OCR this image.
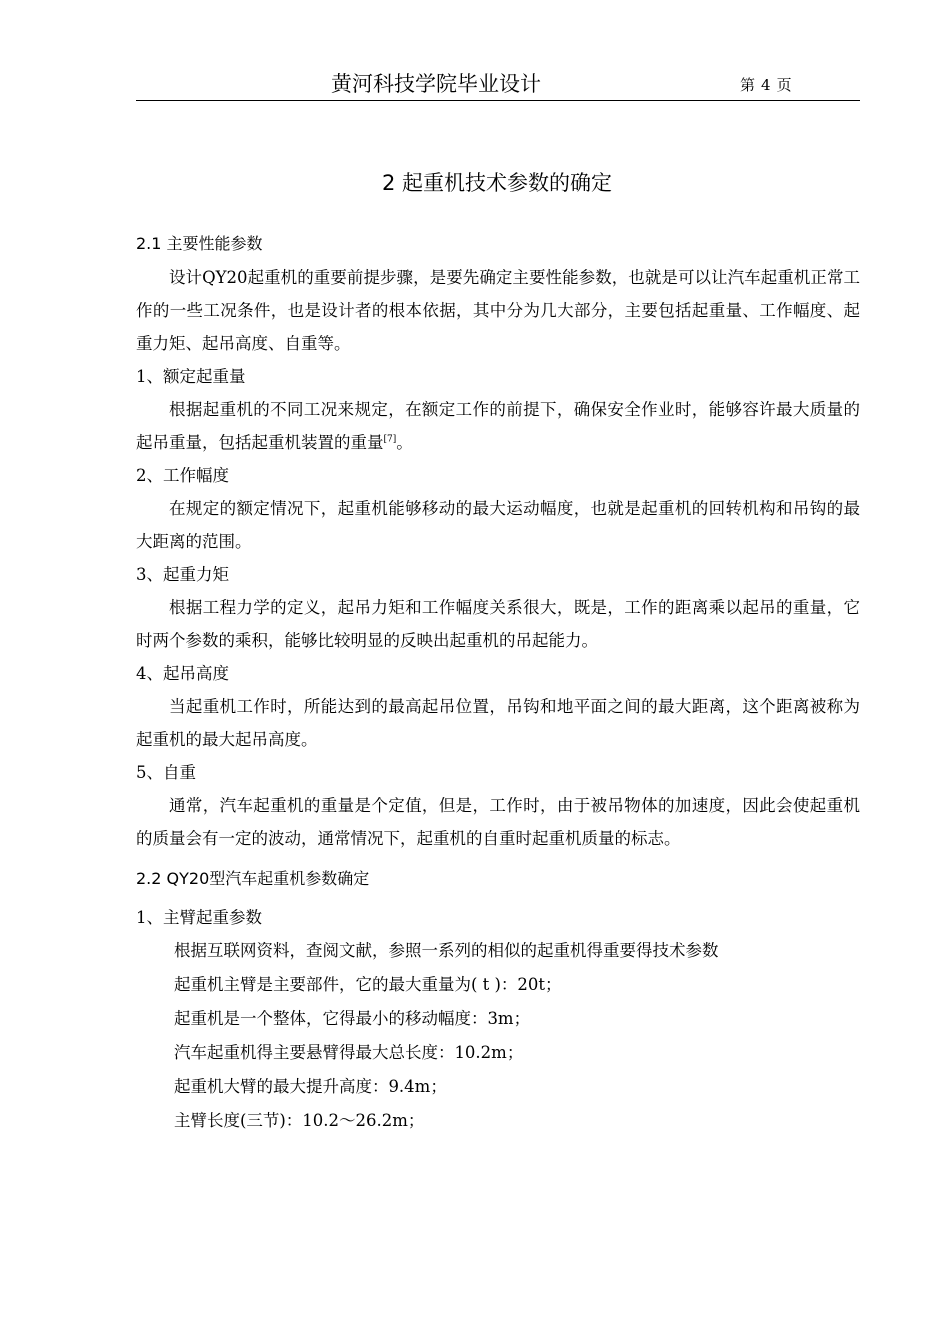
黄河科技学院毕业设计	第 4 页
2 起重机技术参数的确定

2.1 主要性能参数

设计QY20起重机的重要前提步骤，是要先确定主要性能参数，也就是可以让汽车起重机正常工作的一些工况条件，也是设计者的根本依据，其中分为几大部分，主要包括起重量、工作幅度、起重力矩、起吊高度、自重等。

1、额定起重量

根据起重机的不同工况来规定，在额定工作的前提下，确保安全作业时，能够容许最大质量的起吊重量，包括起重机装置的重量[7]。

2、工作幅度

在规定的额定情况下，起重机能够移动的最大运动幅度，也就是起重机的回转机构和吊钩的最大距离的范围。

3、起重力矩

根据工程力学的定义，起吊力矩和工作幅度关系很大，既是，工作的距离乘以起吊的重量，它时两个参数的乘积，能够比较明显的反映出起重机的吊起能力。

4、起吊高度

当起重机工作时，所能达到的最高起吊位置，吊钩和地平面之间的最大距离，这个距离被称为起重机的最大起吊高度。

5、自重

通常，汽车起重机的重量是个定值，但是，工作时，由于被吊物体的加速度，因此会使起重机的质量会有一定的波动，通常情况下，起重机的自重时起重机质量的标志。

2.2 QY20型汽车起重机参数确定

1、主臂起重参数

根据互联网资料，查阅文献，参照一系列的相似的起重机得重要得技术参数

起重机主臂是主要部件，它的最大重量为( t )：20t；

起重机是一个整体，它得最小的移动幅度：3m；

汽车起重机得主要悬臂得最大总长度：10.2m；

起重机大臂的最大提升高度：9.4m；

主臂长度(三节)：10.2～26.2m；
